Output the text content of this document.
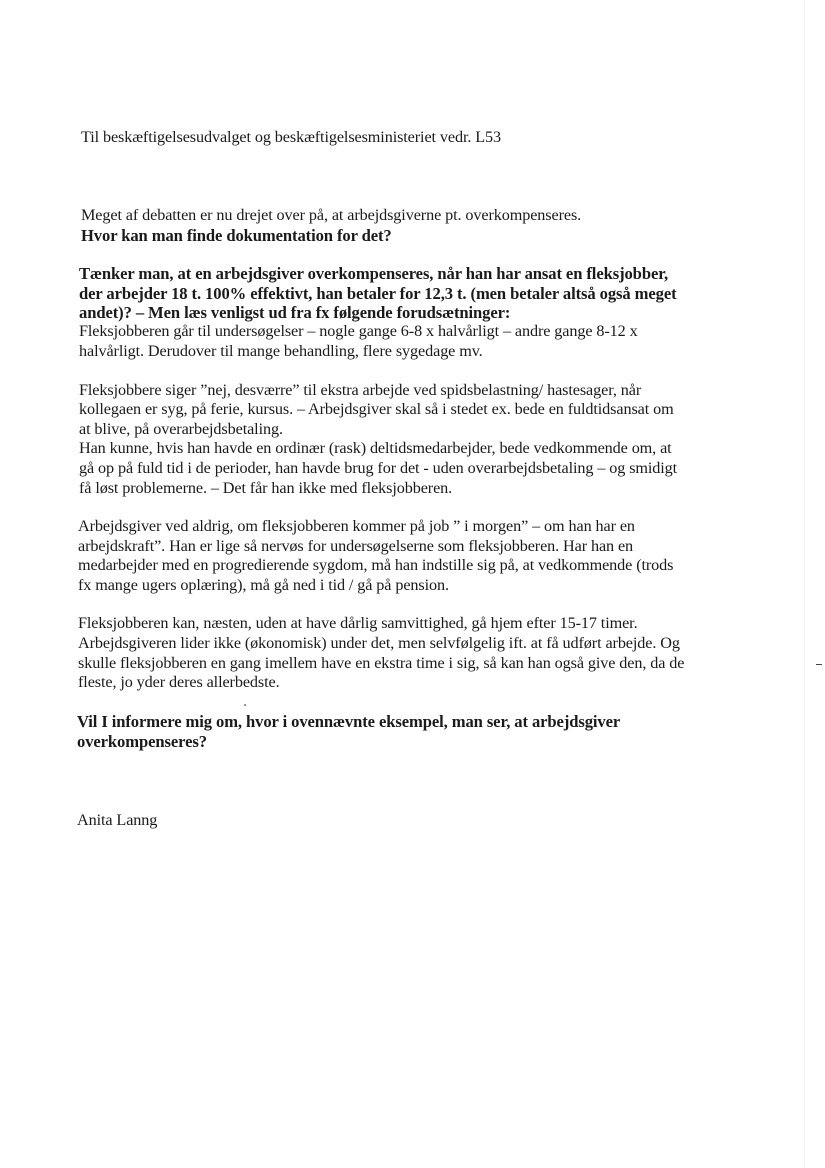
Til beskæftigelsesudvalget og beskæftigelsesministeriet vedr. L53
Meget af debatten er nu drejet over på, at arbejdsgiverne pt. overkompenseres.
Hvor kan man finde dokumentation for det?
Tænker man, at en arbejdsgiver overkompenseres, når han har ansat en fleksjobber,
der arbejder 18 t. 100% effektivt, han betaler for 12,3 t. (men betaler altså også meget
andet)? – Men læs venligst ud fra fx følgende forudsætninger:
Fleksjobberen går til undersøgelser – nogle gange 6-8 x halvårligt – andre gange 8-12 x
halvårligt. Derudover til mange behandling, flere sygedage mv.
Fleksjobbere siger ”nej, desværre” til ekstra arbejde ved spidsbelastning/ hastesager, når
kollegaen er syg, på ferie, kursus. – Arbejdsgiver skal så i stedet ex. bede en fuldtidsansat om
at blive, på overarbejdsbetaling.
Han kunne, hvis han havde en ordinær (rask) deltidsmedarbejder, bede vedkommende om, at
gå op på fuld tid i de perioder, han havde brug for det - uden overarbejdsbetaling – og smidigt
få løst problemerne. – Det får han ikke med fleksjobberen.
Arbejdsgiver ved aldrig, om fleksjobberen kommer på job ” i morgen” – om han har en
arbejdskraft”. Han er lige så nervøs for undersøgelserne som fleksjobberen. Har han en
medarbejder med en progredierende sygdom, må han indstille sig på, at vedkommende (trods
fx mange ugers oplæring), må gå ned i tid / gå på pension.
Fleksjobberen kan, næsten, uden at have dårlig samvittighed, gå hjem efter 15-17 timer.
Arbejdsgiveren lider ikke (økonomisk) under det, men selvfølgelig ift. at få udført arbejde. Og
skulle fleksjobberen en gang imellem have en ekstra time i sig, så kan han også give den, da de
fleste, jo yder deres allerbedste.
Vil I informere mig om, hvor i ovennævnte eksempel, man ser, at arbejdsgiver
overkompenseres?
Anita Lanng
